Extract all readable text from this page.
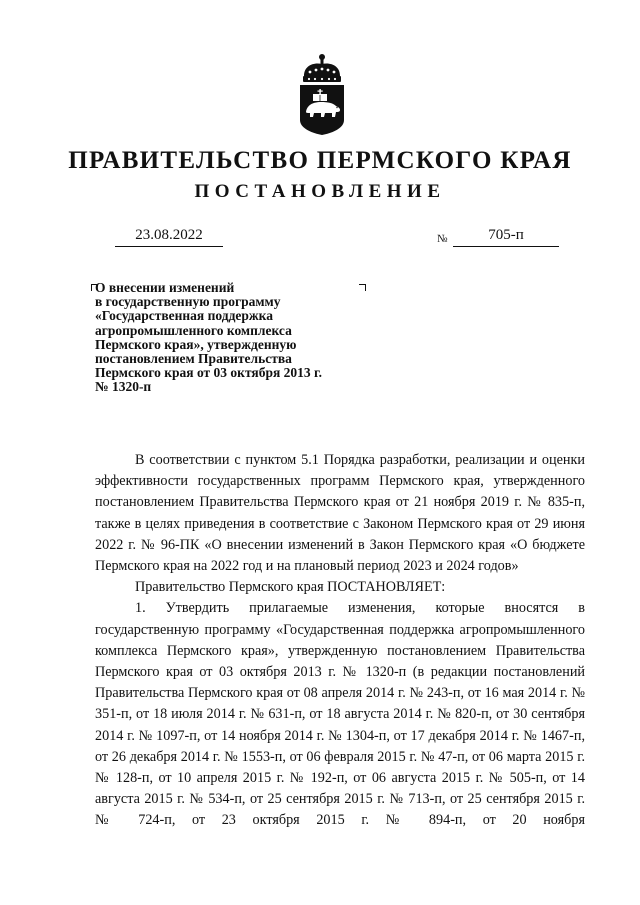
ПРАВИТЕЛЬСТВО ПЕРМСКОГО КРАЯ
ПОСТАНОВЛЕНИЕ
23.08.2022	№	705-п
О внесении изменений
в государственную программу
«Государственная поддержка
агропромышленного комплекса
Пермского края», утвержденную
постановлением Правительства
Пермского края от 03 октября 2013 г.
№ 1320-п

В соответствии с пунктом 5.1 Порядка разработки, реализации и оценки эффективности государственных программ Пермского края, утвержденного постановлением Правительства Пермского края от 21 ноября 2019 г. № 835-п, также в целях приведения в соответствие с Законом Пермского края от 29 июня 2022 г. № 96-ПК «О внесении изменений в Закон Пермского края «О бюджете Пермского края на 2022 год и на плановый период 2023 и 2024 годов»

Правительство Пермского края ПОСТАНОВЛЯЕТ:

1. Утвердить прилагаемые изменения, которые вносятся в государственную программу «Государственная поддержка агропромышленного комплекса Пермского края», утвержденную постановлением Правительства Пермского края от 03 октября 2013 г. № 1320-п (в редакции постановлений Правительства Пермского края от 08 апреля 2014 г. № 243-п, от 16 мая 2014 г. № 351-п, от 18 июля 2014 г. № 631-п, от 18 августа 2014 г. № 820-п, от 30 сентября 2014 г. № 1097-п, от 14 ноября 2014 г. № 1304-п, от 17 декабря 2014 г. № 1467-п, от 26 декабря 2014 г. № 1553-п, от 06 февраля 2015 г. № 47-п, от 06 марта 2015 г. № 128-п, от 10 апреля 2015 г. № 192-п, от 06 августа 2015 г. № 505-п, от 14 августа 2015 г. № 534-п, от 25 сентября 2015 г. № 713-п, от 25 сентября 2015 г. № 724-п, от 23 октября 2015 г. № 894-п, от 20 ноября
